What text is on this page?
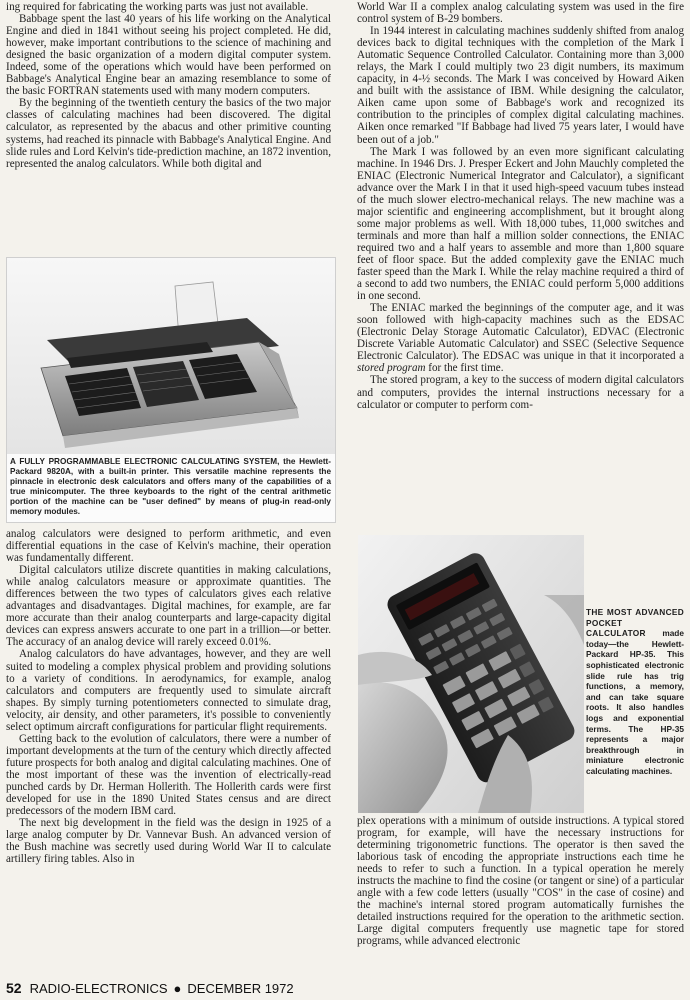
ing required for fabricating the working parts was just not available.

Babbage spent the last 40 years of his life working on the Analytical Engine and died in 1841 without seeing his project completed. He did, however, make important contributions to the science of machining and designed the basic organization of a modern digital computer system. Indeed, some of the operations which would have been performed on Babbage's Analytical Engine bear an amazing resemblance to some of the basic FORTRAN statements used with many modern computers.

By the beginning of the twentieth century the basics of the two major classes of calculating machines had been discovered. The digital calculator, as represented by the abacus and other primitive counting systems, had reached its pinnacle with Babbage's Analytical Engine. And slide rules and Lord Kelvin's tide-prediction machine, an 1872 invention, represented the analog calculators. While both digital and

A FULLY PROGRAMMABLE ELECTRONIC CALCULATING SYSTEM, the Hewlett-Packard 9820A, with a built-in printer. This versatile machine represents the pinnacle in electronic desk calculators and offers many of the capabilities of a true minicomputer. The three keyboards to the right of the central arithmetic portion of the machine can be "user defined" by means of plug-in read-only memory modules.

analog calculators were designed to perform arithmetic, and even differential equations in the case of Kelvin's machine, their operation was fundamentally different.

Digital calculators utilize discrete quantities in making calculations, while analog calculators measure or approximate quantities. The differences between the two types of calculators gives each relative advantages and disadvantages. Digital machines, for example, are far more accurate than their analog counterparts and large-capacity digital devices can express answers accurate to one part in a trillion—or better. The accuracy of an analog device will rarely exceed 0.01%.

Analog calculators do have advantages, however, and they are well suited to modeling a complex physical problem and providing solutions to a variety of conditions. In aerodynamics, for example, analog calculators and computers are frequently used to simulate aircraft shapes. By simply turning potentiometers connected to simulate drag, velocity, air density, and other parameters, it's possible to conveniently select optimum aircraft configurations for particular flight requirements.

Getting back to the evolution of calculators, there were a number of important developments at the turn of the century which directly affected future prospects for both analog and digital calculating machines. One of the most important of these was the invention of electrically-read punched cards by Dr. Herman Hollerith. The Hollerith cards were first developed for use in the 1890 United States census and are direct predecessors of the modern IBM card.

The next big development in the field was the design in 1925 of a large analog computer by Dr. Vannevar Bush. An advanced version of the Bush machine was secretly used during World War II to calculate artillery firing tables. Also in

World War II a complex analog calculating system was used in the fire control system of B-29 bombers.

In 1944 interest in calculating machines suddenly shifted from analog devices back to digital techniques with the completion of the Mark I Automatic Sequence Controlled Calculator. Containing more than 3,000 relays, the Mark I could multiply two 23 digit numbers, its maximum capacity, in 4-½ seconds. The Mark I was conceived by Howard Aiken and built with the assistance of IBM. While designing the calculator, Aiken came upon some of Babbage's work and recognized its contribution to the principles of complex digital calculating machines. Aiken once remarked "If Babbage had lived 75 years later, I would have been out of a job."

The Mark I was followed by an even more significant calculating machine. In 1946 Drs. J. Presper Eckert and John Mauchly completed the ENIAC (Electronic Numerical Integrator and Calculator), a significant advance over the Mark I in that it used high-speed vacuum tubes instead of the much slower electro-mechanical relays. The new machine was a major scientific and engineering accomplishment, but it brought along some major problems as well. With 18,000 tubes, 11,000 switches and terminals and more than half a million solder connections, the ENIAC required two and a half years to assemble and more than 1,800 square feet of floor space. But the added complexity gave the ENIAC much faster speed than the Mark I. While the relay machine required a third of a second to add two numbers, the ENIAC could perform 5,000 additions in one second.

The ENIAC marked the beginnings of the computer age, and it was soon followed with high-capacity machines such as the EDSAC (Electronic Delay Storage Automatic Calculator), EDVAC (Electronic Discrete Variable Automatic Calculator) and SSEC (Selective Sequence Electronic Calculator). The EDSAC was unique in that it incorporated a stored program for the first time.

The stored program, a key to the success of modern digital calculators and computers, provides the internal instructions necessary for a calculator or computer to perform com-

THE MOST ADVANCED POCKET CALCULATOR made today—the Hewlett-Packard HP-35. This sophisticated electronic slide rule has trig functions, a memory, and can take square roots. It also handles logs and exponential terms. The HP-35 represents a major breakthrough in miniature electronic calculating machines.

plex operations with a minimum of outside instructions. A typical stored program, for example, will have the necessary instructions for determining trigonometric functions. The operator is then saved the laborious task of encoding the appropriate instructions each time he needs to refer to such a function. In a typical operation he merely instructs the machine to find the cosine (or tangent or sine) of a particular angle with a few code letters (usually "COS" in the case of cosine) and the machine's internal stored program automatically furnishes the detailed instructions required for the operation to the arithmetic section. Large digital computers frequently use magnetic tape for stored programs, while advanced electronic

52 RADIO-ELECTRONICS ● DECEMBER 1972
